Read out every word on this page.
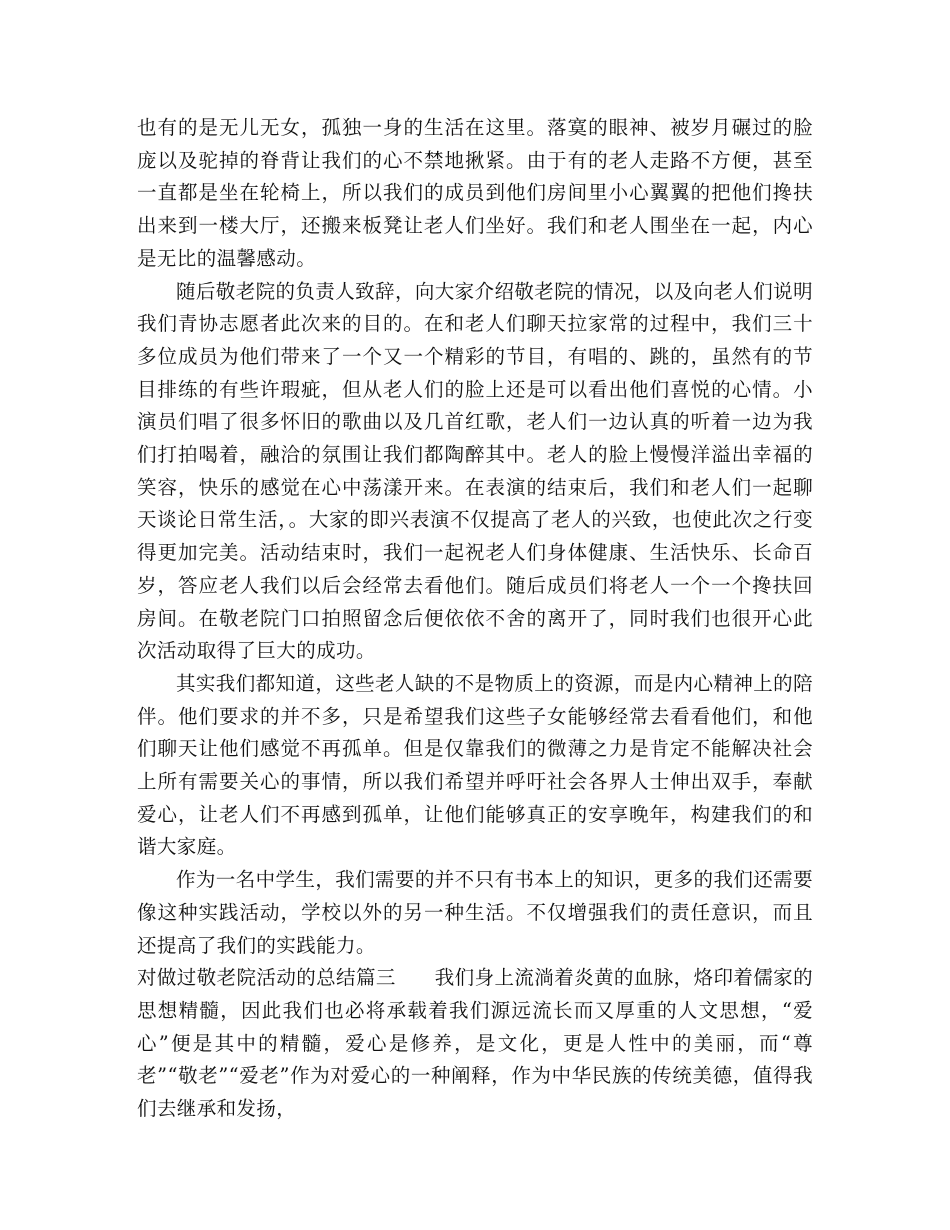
也有的是无儿无女，孤独一身的生活在这里。落寞的眼神、被岁月碾过的脸庞以及驼掉的脊背让我们的心不禁地揪紧。由于有的老人走路不方便，甚至一直都是坐在轮椅上，所以我们的成员到他们房间里小心翼翼的把他们搀扶出来到一楼大厅，还搬来板凳让老人们坐好。我们和老人围坐在一起，内心是无比的温馨感动。

随后敬老院的负责人致辞，向大家介绍敬老院的情况，以及向老人们说明我们青协志愿者此次来的目的。在和老人们聊天拉家常的过程中，我们三十多位成员为他们带来了一个又一个精彩的节目，有唱的、跳的，虽然有的节目排练的有些许瑕疵，但从老人们的脸上还是可以看出他们喜悦的心情。小演员们唱了很多怀旧的歌曲以及几首红歌，老人们一边认真的听着一边为我们打拍喝着，融洽的氛围让我们都陶醉其中。老人的脸上慢慢洋溢出幸福的笑容，快乐的感觉在心中荡漾开来。在表演的结束后，我们和老人们一起聊天谈论日常生活，。大家的即兴表演不仅提高了老人的兴致，也使此次之行变得更加完美。活动结束时，我们一起祝老人们身体健康、生活快乐、长命百岁，答应老人我们以后会经常去看他们。随后成员们将老人一个一个搀扶回房间。在敬老院门口拍照留念后便依依不舍的离开了，同时我们也很开心此次活动取得了巨大的成功。

其实我们都知道，这些老人缺的不是物质上的资源，而是内心精神上的陪伴。他们要求的并不多，只是希望我们这些子女能够经常去看看他们，和他们聊天让他们感觉不再孤单。但是仅靠我们的微薄之力是肯定不能解决社会上所有需要关心的事情，所以我们希望并呼吁社会各界人士伸出双手，奉献爱心，让老人们不再感到孤单，让他们能够真正的安享晚年，构建我们的和谐大家庭。

作为一名中学生，我们需要的并不只有书本上的知识，更多的我们还需要像这种实践活动，学校以外的另一种生活。不仅增强我们的责任意识，而且还提高了我们的实践能力。

对做过敬老院活动的总结篇三 我们身上流淌着炎黄的血脉，烙印着儒家的思想精髓，因此我们也必将承载着我们源远流长而又厚重的人文思想，“爱心”便是其中的精髓，爱心是修养，是文化，更是人性中的美丽，而“尊老”“敬老”“爱老”作为对爱心的一种阐释，作为中华民族的传统美德，值得我们去继承和发扬，
